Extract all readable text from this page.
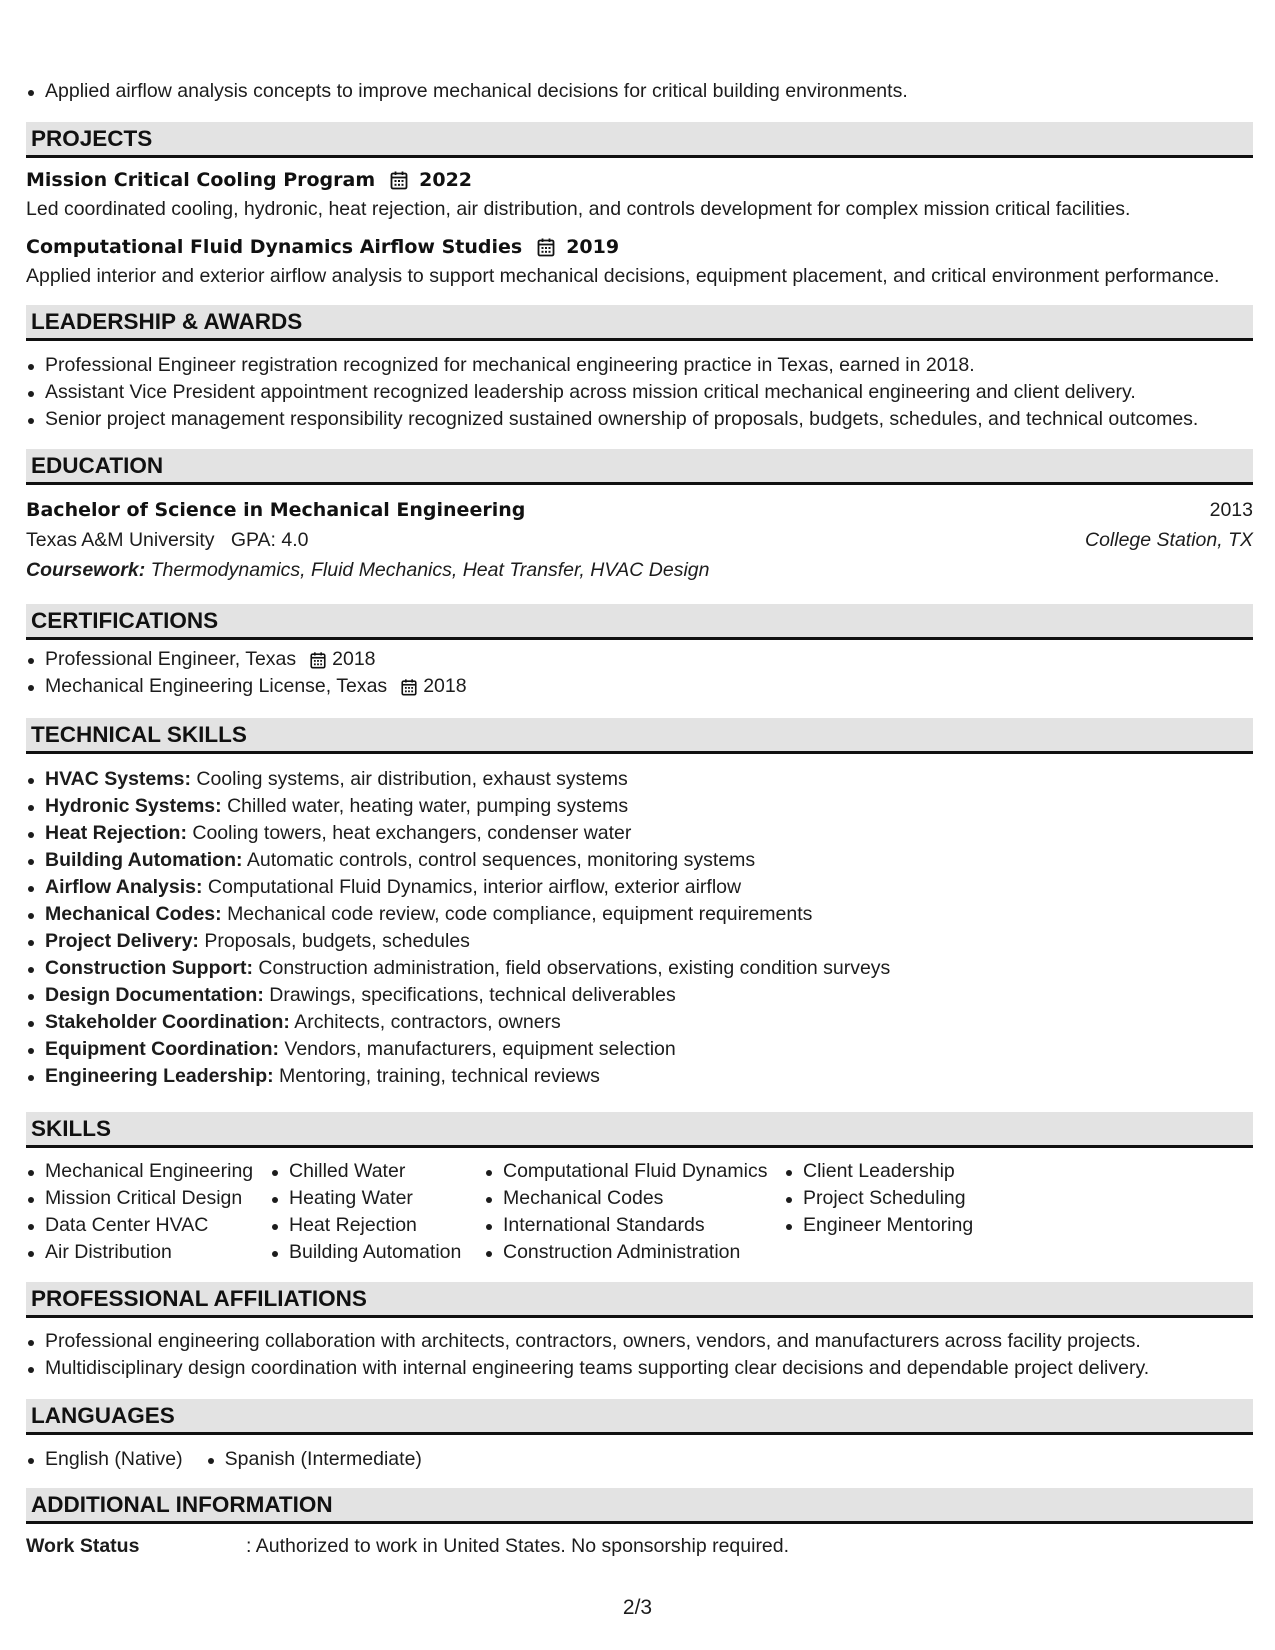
Applied airflow analysis concepts to improve mechanical decisions for critical building environments.
PROJECTS
Mission Critical Cooling Program 2022
Led coordinated cooling, hydronic, heat rejection, air distribution, and controls development for complex mission critical facilities.
Computational Fluid Dynamics Airflow Studies 2019
Applied interior and exterior airflow analysis to support mechanical decisions, equipment placement, and critical environment performance.
LEADERSHIP & AWARDS
Professional Engineer registration recognized for mechanical engineering practice in Texas, earned in 2018.
Assistant Vice President appointment recognized leadership across mission critical mechanical engineering and client delivery.
Senior project management responsibility recognized sustained ownership of proposals, budgets, schedules, and technical outcomes.
EDUCATION
Bachelor of Science in Mechanical Engineering	2013
Texas A&M University GPA: 4.0	College Station, TX
Coursework: Thermodynamics, Fluid Mechanics, Heat Transfer, HVAC Design
CERTIFICATIONS
Professional Engineer, Texas 2018
Mechanical Engineering License, Texas 2018
TECHNICAL SKILLS
HVAC Systems: Cooling systems, air distribution, exhaust systems
Hydronic Systems: Chilled water, heating water, pumping systems
Heat Rejection: Cooling towers, heat exchangers, condenser water
Building Automation: Automatic controls, control sequences, monitoring systems
Airflow Analysis: Computational Fluid Dynamics, interior airflow, exterior airflow
Mechanical Codes: Mechanical code review, code compliance, equipment requirements
Project Delivery: Proposals, budgets, schedules
Construction Support: Construction administration, field observations, existing condition surveys
Design Documentation: Drawings, specifications, technical deliverables
Stakeholder Coordination: Architects, contractors, owners
Equipment Coordination: Vendors, manufacturers, equipment selection
Engineering Leadership: Mentoring, training, technical reviews
SKILLS
Mechanical Engineering
Mission Critical Design
Data Center HVAC
Air Distribution
Chilled Water
Heating Water
Heat Rejection
Building Automation
Computational Fluid Dynamics
Mechanical Codes
International Standards
Construction Administration
Client Leadership
Project Scheduling
Engineer Mentoring
PROFESSIONAL AFFILIATIONS
Professional engineering collaboration with architects, contractors, owners, vendors, and manufacturers across facility projects.
Multidisciplinary design coordination with internal engineering teams supporting clear decisions and dependable project delivery.
LANGUAGES
English (Native)	Spanish (Intermediate)
ADDITIONAL INFORMATION
Work Status	: Authorized to work in United States. No sponsorship required.
2/3
